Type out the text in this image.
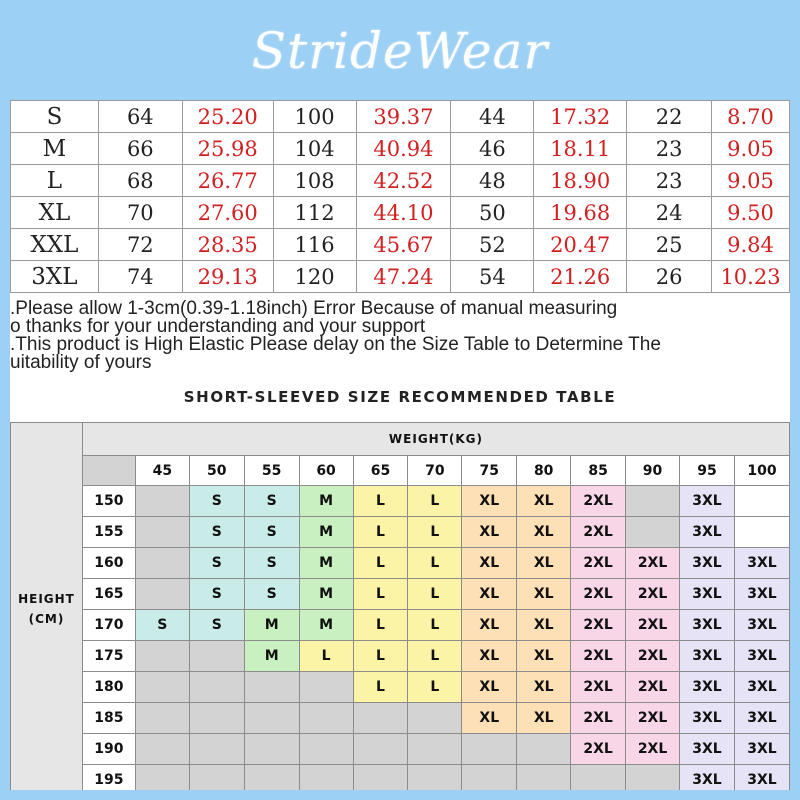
StrideWear
S	64	25.20	100	39.37	44	17.32	22	8.70
M	66	25.98	104	40.94	46	18.11	23	9.05
L	68	26.77	108	42.52	48	18.90	23	9.05
XL	70	27.60	112	44.10	50	19.68	24	9.50
XXL	72	28.35	116	45.67	52	20.47	25	9.84
3XL	74	29.13	120	47.24	54	21.26	26	10.23
.Please allow 1-3cm(0.39-1.18inch) Error Because of manual measuring
o thanks for your understanding and your support
.This product is High Elastic Please delay on the Size Table to Determine The
uitability of yours
SHORT-SLEEVED SIZE RECOMMENDED TABLE
HEIGHT
(CM)	WEIGHT(KG)												
		45	50	55	60	65	70	75	80	85	90	95	100
	150		S	S	M	L	L	XL	XL	2XL		3XL	
	155		S	S	M	L	L	XL	XL	2XL		3XL	
	160		S	S	M	L	L	XL	XL	2XL	2XL	3XL	3XL
	165		S	S	M	L	L	XL	XL	2XL	2XL	3XL	3XL
	170	S	S	M	M	L	L	XL	XL	2XL	2XL	3XL	3XL
	175			M	L	L	L	XL	XL	2XL	2XL	3XL	3XL
	180					L	L	XL	XL	2XL	2XL	3XL	3XL
	185							XL	XL	2XL	2XL	3XL	3XL
	190									2XL	2XL	3XL	3XL
	195											3XL	3XL
